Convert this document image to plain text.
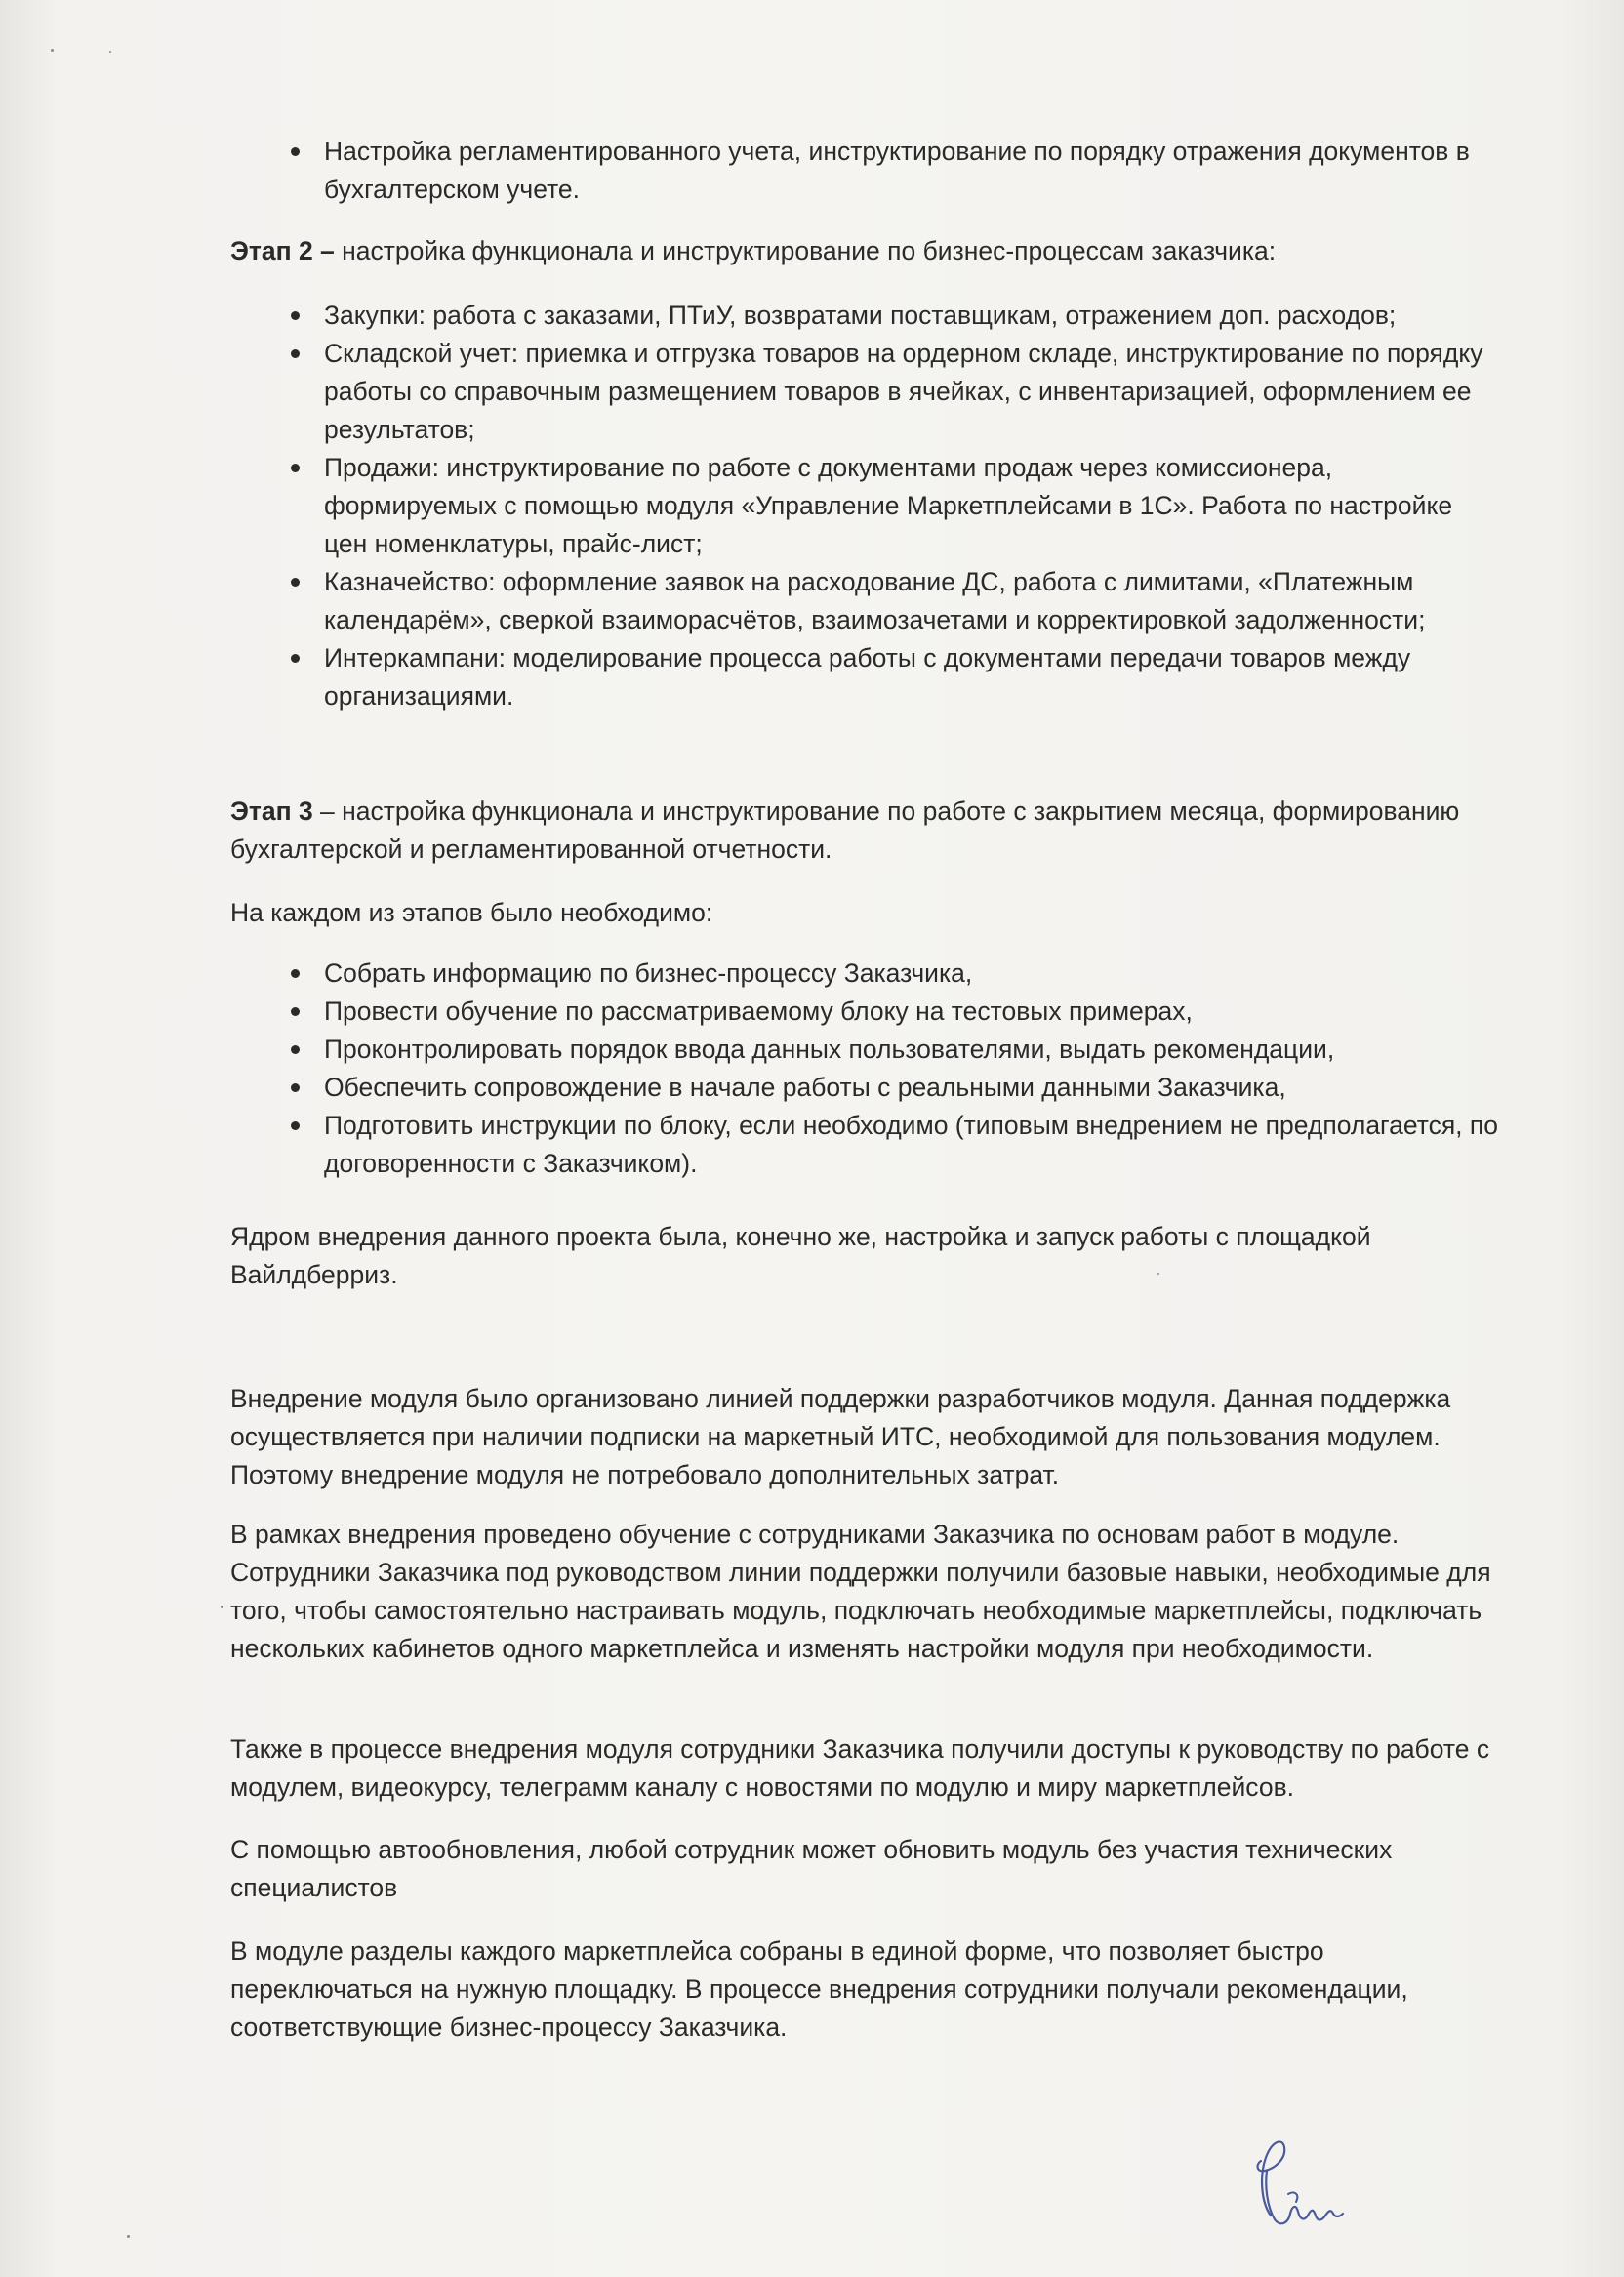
Настройка регламентированного учета, инструктирование по порядку отражения документов в бухгалтерском учете.

Этап 2 – настройка функционала и инструктирование по бизнес-процессам заказчика:

Закупки: работа с заказами, ПТиУ, возвратами поставщикам, отражением доп. расходов;
Складской учет: приемка и отгрузка товаров на ордерном складе, инструктирование по порядку работы со справочным размещением товаров в ячейках, с инвентаризацией, оформлением ее результатов;
Продажи: инструктирование по работе с документами продаж через комиссионера, формируемых с помощью модуля «Управление Маркетплейсами в 1С». Работа по настройке цен номенклатуры, прайс-лист;
Казначейство: оформление заявок на расходование ДС, работа с лимитами, «Платежным календарём», сверкой взаиморасчётов, взаимозачетами и корректировкой задолженности;
Интеркампани: моделирование процесса работы с документами передачи товаров между организациями.

Этап 3 – настройка функционала и инструктирование по работе с закрытием месяца, формированию бухгалтерской и регламентированной отчетности.

На каждом из этапов было необходимо:

Собрать информацию по бизнес-процессу Заказчика,
Провести обучение по рассматриваемому блоку на тестовых примерах,
Проконтролировать порядок ввода данных пользователями, выдать рекомендации,
Обеспечить сопровождение в начале работы с реальными данными Заказчика,
Подготовить инструкции по блоку, если необходимо (типовым внедрением не предполагается, по договоренности с Заказчиком).

Ядром внедрения данного проекта была, конечно же, настройка и запуск работы с площадкой Вайлдберриз.

Внедрение модуля было организовано линией поддержки разработчиков модуля. Данная поддержка осуществляется при наличии подписки на маркетный ИТС, необходимой для пользования модулем. Поэтому внедрение модуля не потребовало дополнительных затрат.

В рамках внедрения проведено обучение с сотрудниками Заказчика по основам работ в модуле. Сотрудники Заказчика под руководством линии поддержки получили базовые навыки, необходимые для того, чтобы самостоятельно настраивать модуль, подключать необходимые маркетплейсы, подключать нескольких кабинетов одного маркетплейса и изменять настройки модуля при необходимости.

Также в процессе внедрения модуля сотрудники Заказчика получили доступы к руководству по работе с модулем, видеокурсу, телеграмм каналу с новостями по модулю и миру маркетплейсов.

С помощью автообновления, любой сотрудник может обновить модуль без участия технических специалистов

В модуле разделы каждого маркетплейса собраны в единой форме, что позволяет быстро переключаться на нужную площадку. В процессе внедрения сотрудники получали рекомендации, соответствующие бизнес-процессу Заказчика.
